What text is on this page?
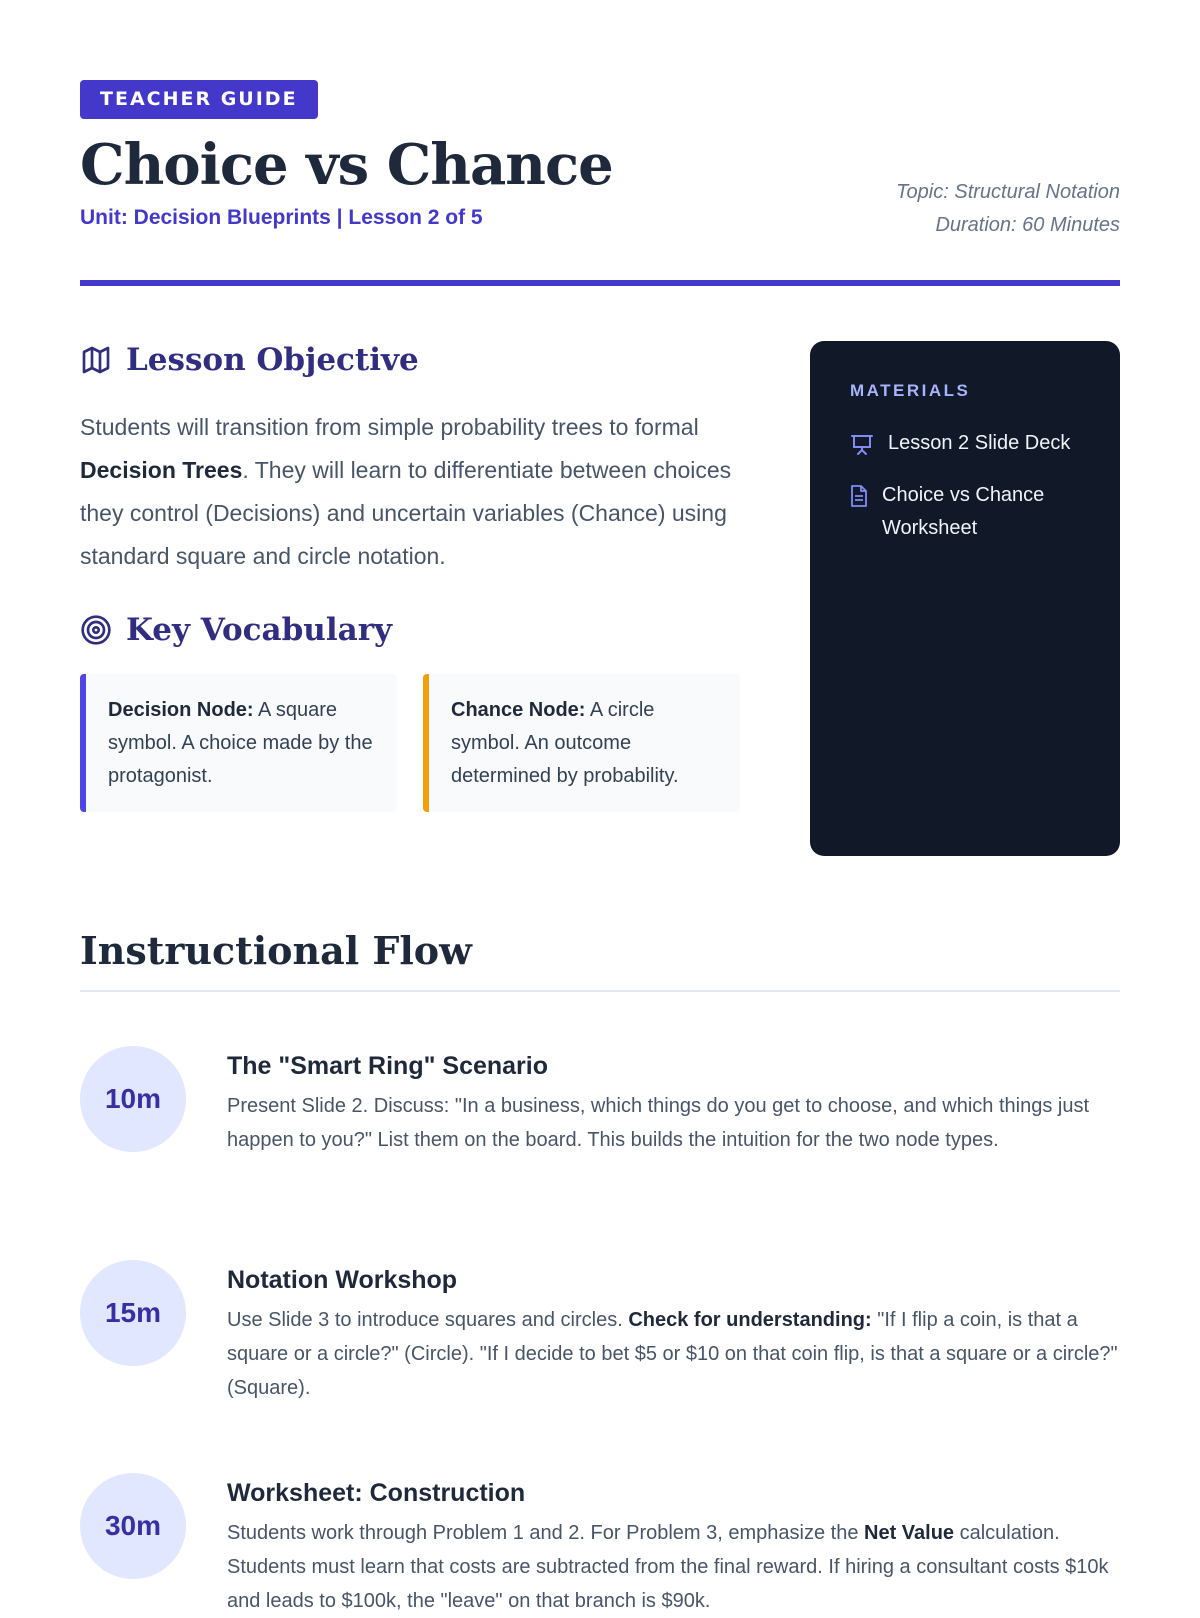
TEACHER GUIDE
Choice vs Chance
Unit: Decision Blueprints | Lesson 2 of 5
Topic: Structural Notation
Duration: 60 Minutes
Lesson Objective

Students will transition from simple probability trees to formal Decision Trees. They will learn to differentiate between choices they control (Decisions) and uncertain variables (Chance) using standard square and circle notation.

Key Vocabulary
Decision Node: A square symbol. A choice made by the protagonist.
Chance Node: A circle symbol. An outcome determined by probability.
MATERIALS
Lesson 2 Slide Deck
Choice vs Chance Worksheet
Instructional Flow
10m
The "Smart Ring" Scenario

Present Slide 2. Discuss: "In a business, which things do you get to choose, and which things just happen to you?" List them on the board. This builds the intuition for the two node types.

15m
Notation Workshop

Use Slide 3 to introduce squares and circles. Check for understanding: "If I flip a coin, is that a square or a circle?" (Circle). "If I decide to bet $5 or $10 on that coin flip, is that a square or a circle?" (Square).

30m
Worksheet: Construction

Students work through Problem 1 and 2. For Problem 3, emphasize the Net Value calculation. Students must learn that costs are subtracted from the final reward. If hiring a consultant costs $10k and leads to $100k, the "leave" on that branch is $90k.
